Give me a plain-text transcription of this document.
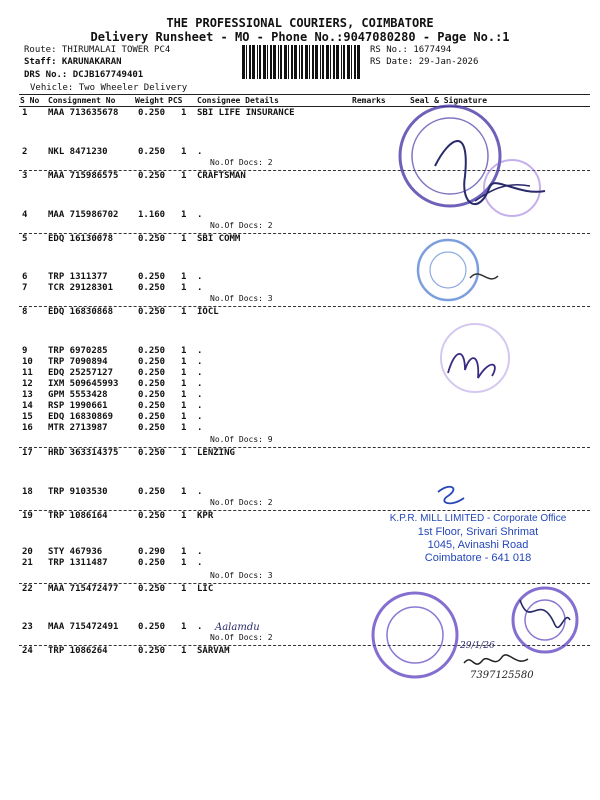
THE PROFESSIONAL COURIERS, COIMBATORE
Delivery Runsheet - MO - Phone No.:9047080280 - Page No.:1
Route: THIRUMALAI TOWER PC4
Staff: KARUNAKARAN
DRS No.: DCJB167749401
Vehicle: Two Wheeler Delivery
RS No.: 1677494
RS Date: 29-Jan-2026
S No Consignment No Weight PCS Consignee Details	Remarks	Seal & Signature
1 MAA 713635678 0.250 1 SBI LIFE INSURANCE
2 NKL 8471230	0.250 1 .
3 MAA 715986575 0.250 1 CRAFTSMAN
4 MAA 715986702 1.160 1 .
5 EDQ 16130078	0.250 1 SBI COMM
6 TRP 1311377	0.250 1 .
7 TCR 29128301	0.250 1 .
8 EDQ 16830868	0.250 1 IOCL
9 TRP 6970285	0.250 1 .
10 TRP 7090894	0.250 1 .
11 EDQ 25257127	0.250 1 .
12 IXM 509645993 0.250 1 .
13 GPM 5553428	0.250 1 .
14 RSP 1990661	0.250 1 .
15 EDQ 16830869	0.250 1 .
16 MTR 2713987	0.250 1 .
17 HRD 363314375 0.250 1 LENZING
18 TRP 9103530	0.250 1 .
19 TRP 1086164	0.250 1 KPR
20 STY 467936	0.290 1 .
21 TRP 1311487	0.250 1 .
22 MAA 715472477 0.250 1 LIC
23 MAA 715472491 0.250 1 .
24 TRP 1086264	0.250 1 SARVAM
No.Of Docs: 2
No.Of Docs: 2
No.Of Docs: 3
No.Of Docs: 9
No.Of Docs: 2
No.Of Docs: 3
No.Of Docs: 2
K.P.R. MILL LIMITED - Corporate Office
1st Floor, Srivari Shrimat
1045, Avinashi Road
Coimbatore - 641 018
29/1/26
Aalamdu
7397125580
